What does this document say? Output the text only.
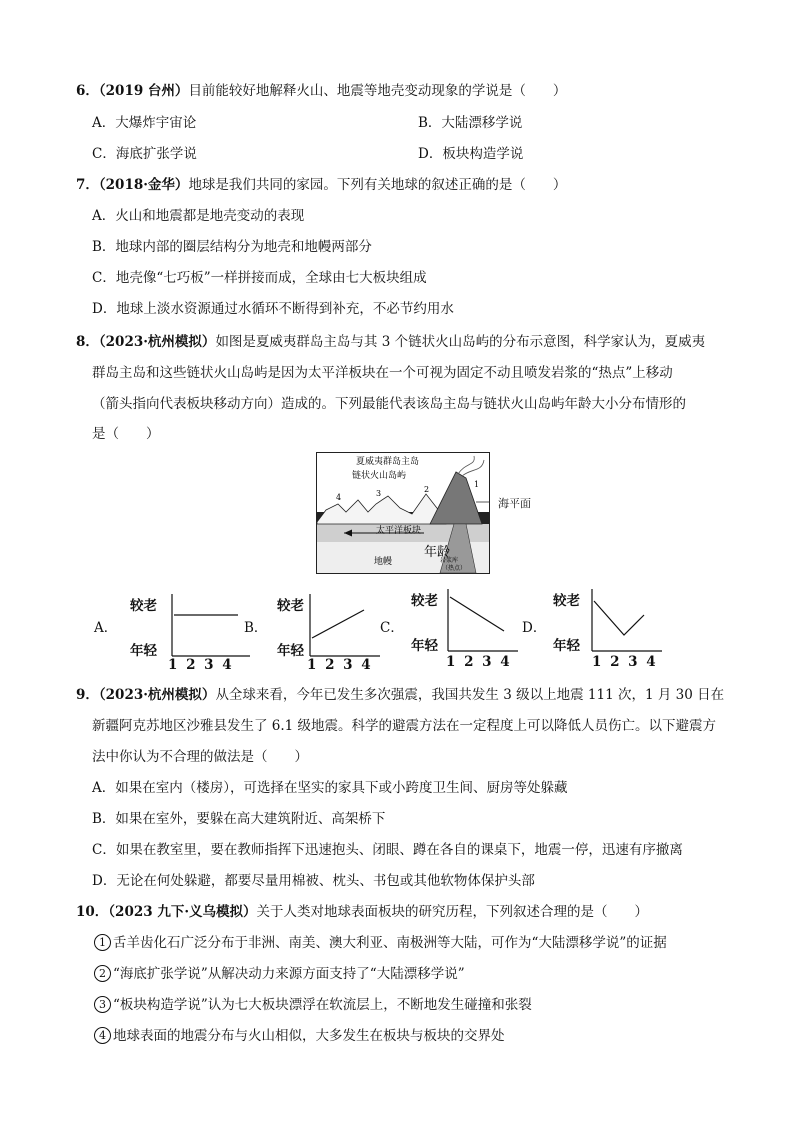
6．（2019 台州）目前能较好地解释火山、地震等地壳变动现象的学说是（　　）
A．大爆炸宇宙论	B．大陆漂移学说
C．海底扩张学说	D．板块构造学说
7．（2018·金华）地球是我们共同的家园。下列有关地球的叙述正确的是（　　）
A．火山和地震都是地壳变动的表现
B．地球内部的圈层结构分为地壳和地幔两部分
C．地壳像“七巧板”一样拼接而成，全球由七大板块组成
D．地球上淡水资源通过水循环不断得到补充，不必节约用水
8．（2023·杭州模拟）如图是夏威夷群岛主岛与其 3 个链状火山岛屿的分布示意图，科学家认为，夏威夷
群岛主岛和这些链状火山岛屿是因为太平洋板块在一个可视为固定不动且喷发岩浆的“热点”上移动
（箭头指向代表板块移动方向）造成的。下列最能代表该岛主岛与链状火山岛屿年龄大小分布情形的
是（　　）
夏威夷群岛主岛
链状火山岛屿
太平洋板块
地幔
年龄
岩浆库
（热点）
1
2
3
4	海平面
A．	B．	C．	D．
较老
年轻
1 2 3 4
较老
年轻
1 2 3 4
较老
年轻
1 2 3 4
较老
年轻
1 2 3 4
9．（2023·杭州模拟）从全球来看，今年已发生多次强震，我国共发生 3 级以上地震 111 次，1 月 30 日在
新疆阿克苏地区沙雅县发生了 6.1 级地震。科学的避震方法在一定程度上可以降低人员伤亡。以下避震方
法中你认为不合理的做法是（　　）
A．如果在室内（楼房），可选择在坚实的家具下或小跨度卫生间、厨房等处躲藏
B．如果在室外，要躲在高大建筑附近、高架桥下
C．如果在教室里，要在教师指挥下迅速抱头、闭眼、蹲在各自的课桌下，地震一停，迅速有序撤离
D．无论在何处躲避，都要尽量用棉被、枕头、书包或其他软物体保护头部
10．（2023 九下·义乌模拟）关于人类对地球表面板块的研究历程，下列叙述合理的是（　　）
1 舌羊齿化石广泛分布于非洲、南美、澳大利亚、南极洲等大陆，可作为“大陆漂移学说”的证据
2 “海底扩张学说”从解决动力来源方面支持了“大陆漂移学说”
3 “板块构造学说”认为七大板块漂浮在软流层上，不断地发生碰撞和张裂
4 地球表面的地震分布与火山相似，大多发生在板块与板块的交界处
